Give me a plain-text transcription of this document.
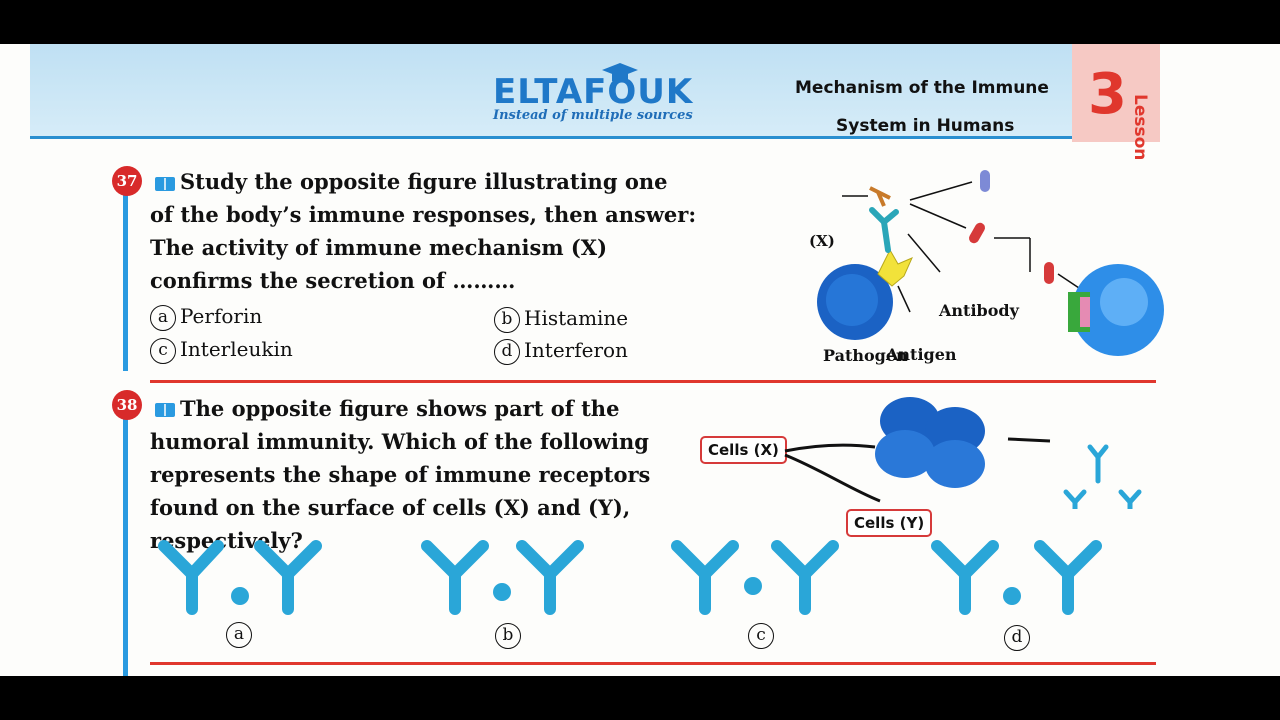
ELTAFOUK
Instead of multiple sources
Mechanism of the Immune
System in Humans 3 Lesson
37	Study the opposite figure illustrating one
of the body’s immune responses, then answer:
The activity of immune mechanism (X)
confirms the secretion of ………
a Perforin	b Histamine
c Interleukin	d Interferon
(X)
Antibody
Antigen
Pathogen
38	The opposite figure shows part of the
humoral immunity. Which of the following
represents the shape of immune receptors
found on the surface of cells (X) and (Y), respectively?
Cells (X)
Cells (Y)
a	b	c	d
